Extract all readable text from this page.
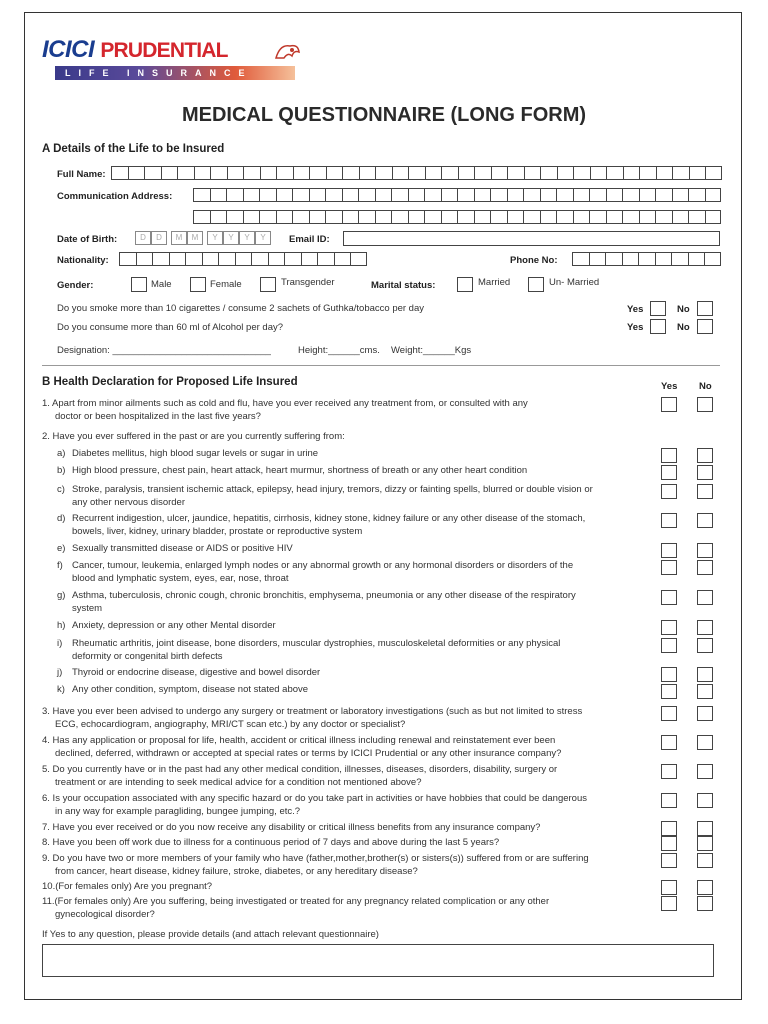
ICICI PRUDENTIAL
LIFE INSURANCE
MEDICAL QUESTIONNAIRE (LONG FORM)
A Details of the Life to be Insured
Full Name:
Communication Address:
Date of Birth:	D	D	M	M	Y	Y	Y	Y	Email ID:
Nationality:	Phone No:
Gender:	Male	Female	Transgender	Marital status:	Married	Un- Married
Do you smoke more than 10 cigarettes / consume 2 sachets of Guthka/tobacco per day	Yes	No
Do you consume more than 60 ml of Alcohol per day?	Yes	No
Designation: ______________________________	Height:______cms. Weight:______Kgs
B Health Declaration for Proposed Life Insured	Yes No
1. Apart from minor ailments such as cold and flu, have you ever received any treatment from, or consulted with any
doctor or been hospitalized in the last five years?
2. Have you ever suffered in the past or are you currently suffering from:
a) Diabetes mellitus, high blood sugar levels or sugar in urine
b) High blood pressure, chest pain, heart attack, heart murmur, shortness of breath or any other heart condition
c) Stroke, paralysis, transient ischemic attack, epilepsy, head injury, tremors, dizzy or fainting spells, blurred or double vision or
any other nervous disorder
d) Recurrent indigestion, ulcer, jaundice, hepatitis, cirrhosis, kidney stone, kidney failure or any other disease of the stomach,
bowels, liver, kidney, urinary bladder, prostate or reproductive system
e) Sexually transmitted disease or AIDS or positive HIV
f) Cancer, tumour, leukemia, enlarged lymph nodes or any abnormal growth or any hormonal disorders or disorders of the
blood and lymphatic system, eyes, ear, nose, throat
g) Asthma, tuberculosis, chronic cough, chronic bronchitis, emphysema, pneumonia or any other disease of the respiratory
system
h) Anxiety, depression or any other Mental disorder
i) Rheumatic arthritis, joint disease, bone disorders, muscular dystrophies, musculoskeletal deformities or any physical
deformity or congenital birth defects
j) Thyroid or endocrine disease, digestive and bowel disorder
k) Any other condition, symptom, disease not stated above
3. Have you ever been advised to undergo any surgery or treatment or laboratory investigations (such as but not limited to stress
ECG, echocardiogram, angiography, MRI/CT scan etc.) by any doctor or specialist?
4. Has any application or proposal for life, health, accident or critical illness including renewal and reinstatement ever been
declined, deferred, withdrawn or accepted at special rates or terms by ICICI Prudential or any other insurance company?
5. Do you currently have or in the past had any other medical condition, illnesses, diseases, disorders, disability, surgery or
treatment or are intending to seek medical advice for a condition not mentioned above?
6. Is your occupation associated with any specific hazard or do you take part in activities or have hobbies that could be dangerous
in any way for example paragliding, bungee jumping, etc.?
7. Have you ever received or do you now receive any disability or critical illness benefits from any insurance company?
8. Have you been off work due to illness for a continuous period of 7 days and above during the last 5 years?
9. Do you have two or more members of your family who have (father,mother,brother(s) or sisters(s)) suffered from or are suffering
from cancer, heart disease, kidney failure, stroke, diabetes, or any hereditary disease?
10.(For females only) Are you pregnant?
11.(For females only) Are you suffering, being investigated or treated for any pregnancy related complication or any other
gynecological disorder?
If Yes to any question, please provide details (and attach relevant questionnaire)
